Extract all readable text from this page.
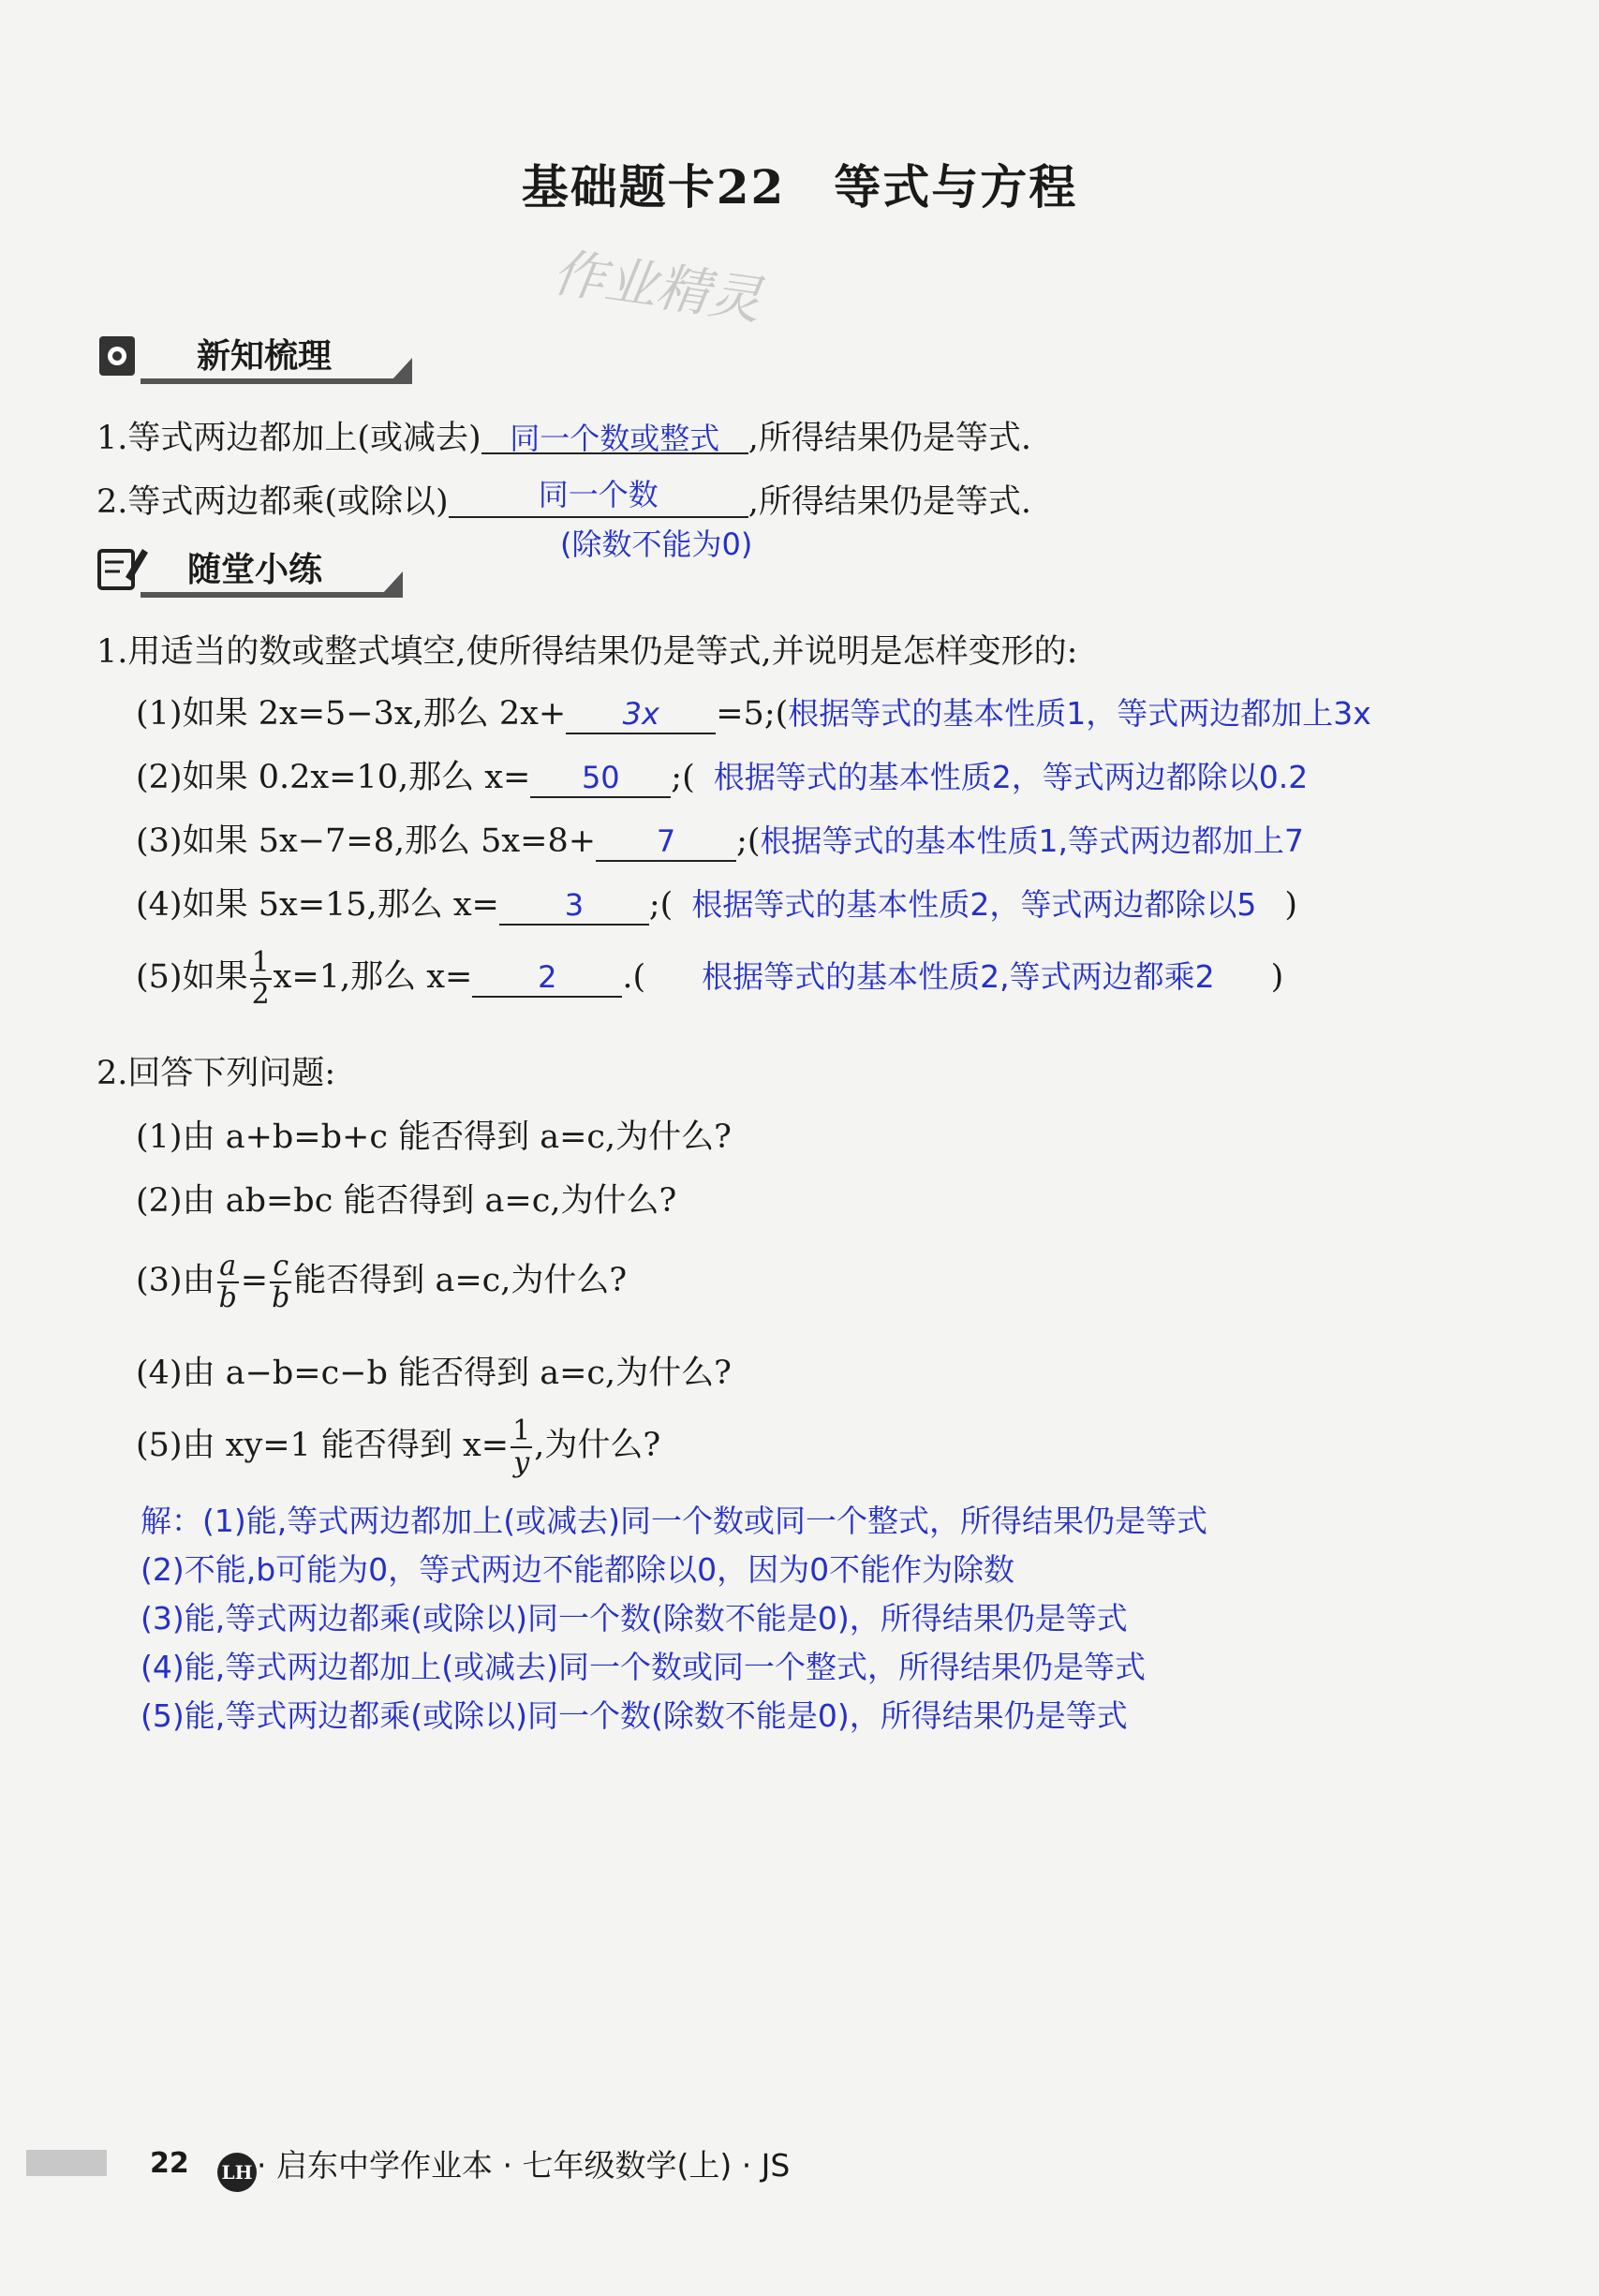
基础题卡22　等式与方程
作业精灵
新知梳理
1.等式两边都加上(或减去) 同一个数或整式 ,所得结果仍是等式.
2.等式两边都乘(或除以)	同一个数	,所得结果仍是等式.
(除数不能为0)
随堂小练
1.用适当的数或整式填空,使所得结果仍是等式,并说明是怎样变形的:
(1)如果 2x=5−3x,那么 2x+ 3x =5;(根据等式的基本性质1，等式两边都加上3x
(2)如果 0.2x=10,那么 x= 50 ;( 根据等式的基本性质2，等式两边都除以0.2
(3)如果 5x−7=8,那么 5x=8+ 7 ;(根据等式的基本性质1,等式两边都加上7
(4)如果 5x=15,那么 x= 3 ;( 根据等式的基本性质2，等式两边都除以5 )
(5)如果 $\frac{1}{2} x=1$,那么 x= 2 .( 根据等式的基本性质2,等式两边都乘2 )
2.回答下列问题:
(1)由 a+b=b+c 能否得到 a=c,为什么?
(2)由 ab=bc 能否得到 a=c,为什么?
(3)由 $\frac{a}{b} = \frac{c}{b}$ 能否得到 a=c,为什么?
(4)由 a−b=c−b 能否得到 a=c,为什么?
(5)由 xy=1 能否得到 $x= \frac{1}{y}$ ,为什么?
解：(1)能,等式两边都加上(或减去)同一个数或同一个整式，所得结果仍是等式
(2)不能,b可能为0，等式两边不能都除以0，因为0不能作为除数
(3)能,等式两边都乘(或除以)同一个数(除数不能是0)，所得结果仍是等式
(4)能,等式两边都加上(或减去)同一个数或同一个整式，所得结果仍是等式
(5)能,等式两边都乘(或除以)同一个数(除数不能是0)，所得结果仍是等式
22 LH · 启东中学作业本 · 七年级数学(上) · JS
